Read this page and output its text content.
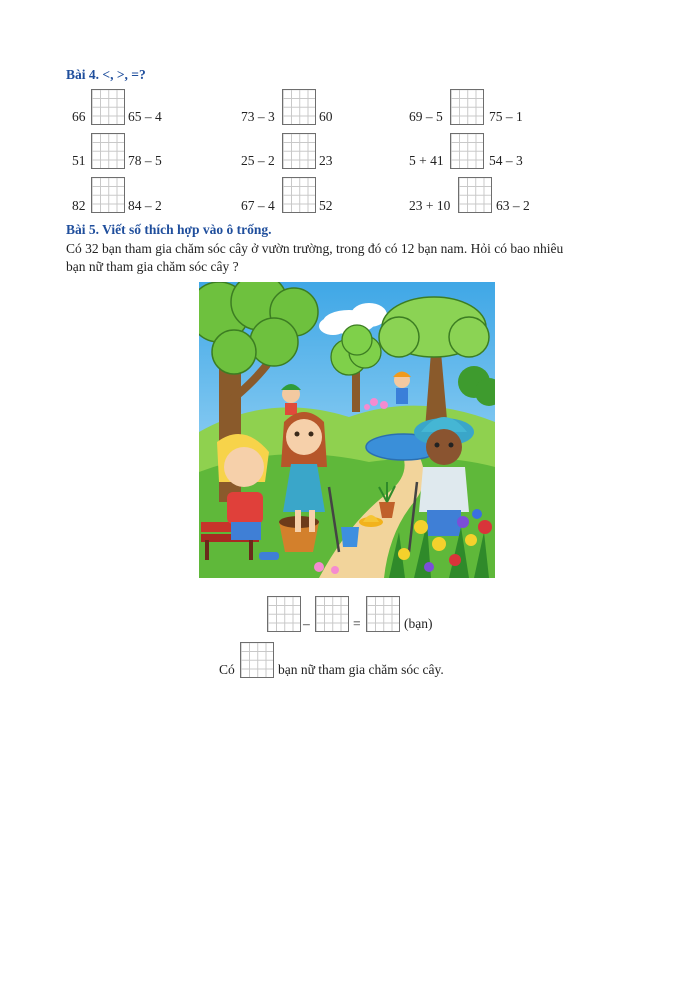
Bài 4. <, >, =?
66	65 – 4	73 – 3	60	69 – 5	75 – 1
51	78 – 5	25 – 2	23	5 + 41	54 – 3
82	84 – 2	67 – 4	52	23 + 10	63 – 2
Bài 5. Viết số thích hợp vào ô trống.
Có 32 bạn tham gia chăm sóc cây ở vườn trường, trong đó có 12 bạn nam. Hỏi có bao nhiêu
bạn nữ tham gia chăm sóc cây ?
–	=	(bạn)
Có	bạn nữ tham gia chăm sóc cây.
